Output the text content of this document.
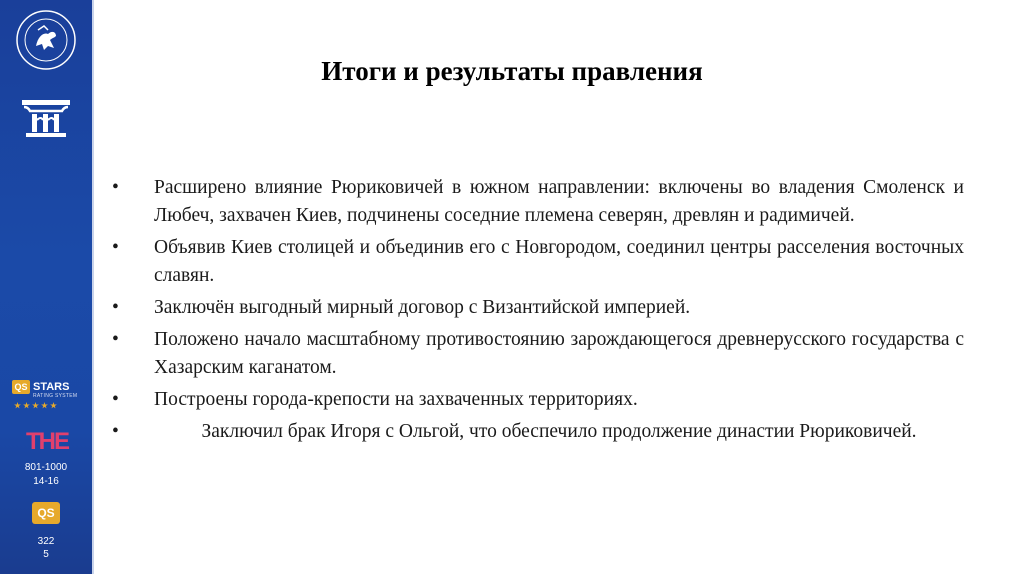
QS STARS
RATING SYSTEM
THE
801-1000
14-16
QS
322
5
Итоги и результаты правления
• Расширено влияние Рюриковичей в южном направлении: включены во владения Смоленск и Любеч, захвачен Киев, подчинены соседние племена северян, древлян и радимичей.
• Объявив Киев столицей и объединив его с Новгородом, соединил центры расселения восточных славян.
• Заключён выгодный мирный договор с Византийской империей.
• Положено начало масштабному противостоянию зарождающегося древнерусского государства с Хазарским каганатом.
• Построены города-крепости на захваченных территориях.
•	Заключил брак Игоря с Ольгой, что обеспечило продолжение династии Рюриковичей.
